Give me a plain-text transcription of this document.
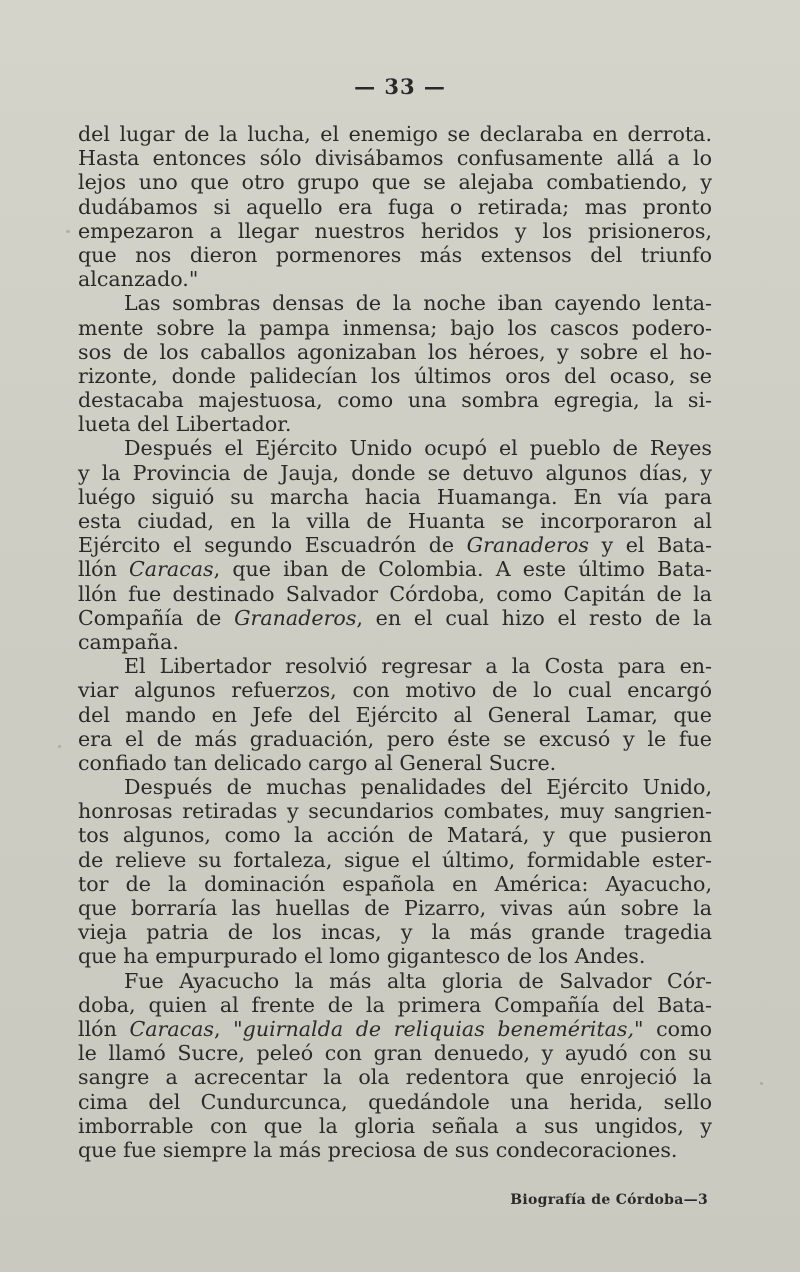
— 33 —
del lugar de la lucha, el enemigo se declaraba en derrota.
Hasta entonces sólo divisábamos confusamente allá a lo
lejos uno que otro grupo que se alejaba combatiendo, y
dudábamos si aquello era fuga o retirada; mas pronto
empezaron a llegar nuestros heridos y los prisioneros,
que nos dieron pormenores más extensos del triunfo
alcanzado."
Las sombras densas de la noche iban cayendo lenta-
mente sobre la pampa inmensa; bajo los cascos podero-
sos de los caballos agonizaban los héroes, y sobre el ho-
rizonte, donde palidecían los últimos oros del ocaso, se
destacaba majestuosa, como una sombra egregia, la si-
lueta del Libertador.
Después el Ejército Unido ocupó el pueblo de Reyes
y la Provincia de Jauja, donde se detuvo algunos días, y
luégo siguió su marcha hacia Huamanga. En vía para
esta ciudad, en la villa de Huanta se incorporaron al
Ejército el segundo Escuadrón de Granaderos y el Bata-
llón Caracas, que iban de Colombia. A este último Bata-
llón fue destinado Salvador Córdoba, como Capitán de la
Compañía de Granaderos, en el cual hizo el resto de la
campaña.
El Libertador resolvió regresar a la Costa para en-
viar algunos refuerzos, con motivo de lo cual encargó
del mando en Jefe del Ejército al General Lamar, que
era el de más graduación, pero éste se excusó y le fue
confiado tan delicado cargo al General Sucre.
Después de muchas penalidades del Ejército Unido,
honrosas retiradas y secundarios combates, muy sangrien-
tos algunos, como la acción de Matará, y que pusieron
de relieve su fortaleza, sigue el último, formidable ester-
tor de la dominación española en América: Ayacucho,
que borraría las huellas de Pizarro, vivas aún sobre la
vieja patria de los incas, y la más grande tragedia
que ha empurpurado el lomo gigantesco de los Andes.
Fue Ayacucho la más alta gloria de Salvador Cór-
doba, quien al frente de la primera Compañía del Bata-
llón Caracas, "guirnalda de reliquias beneméritas," como
le llamó Sucre, peleó con gran denuedo, y ayudó con su
sangre a acrecentar la ola redentora que enrojeció la
cima del Cundurcunca, quedándole una herida, sello
imborrable con que la gloria señala a sus ungidos, y
que fue siempre la más preciosa de sus condecoraciones.
Biografía de Córdoba—3
